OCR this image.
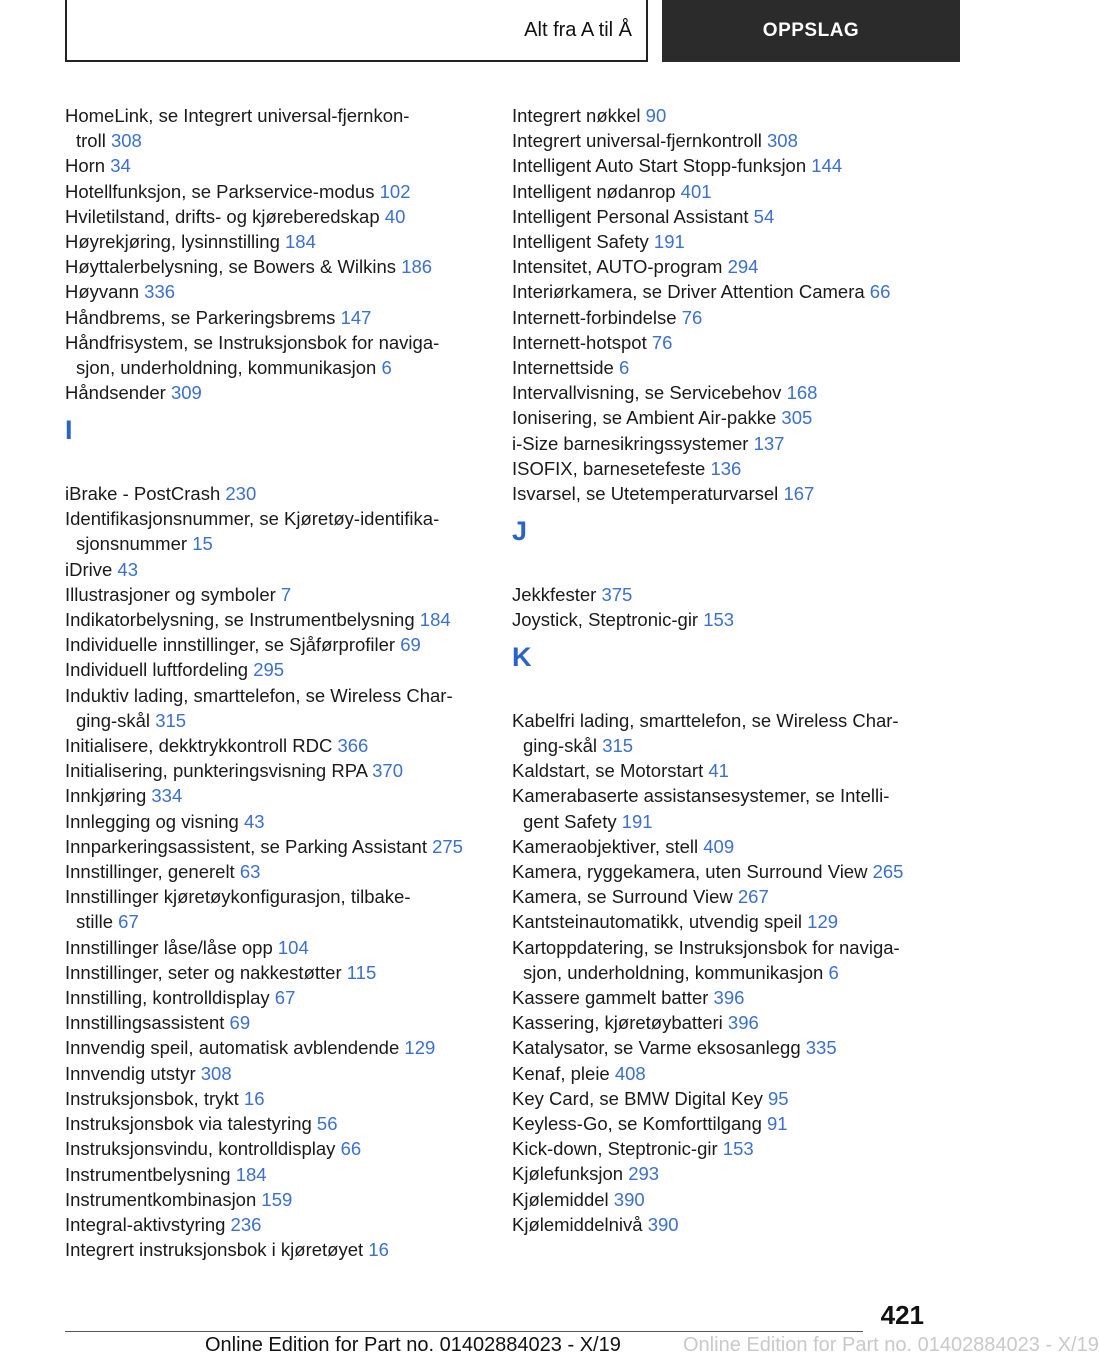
Alt fra A til Å	OPPSLAG
HomeLink, se Integrert universal-fjernkon-
troll 308
Horn 34
Hotellfunksjon, se Parkservice-modus 102
Hviletilstand, drifts- og kjøreberedskap 40
Høyrekjøring, lysinnstilling 184
Høyttalerbelysning, se Bowers & Wilkins 186
Høyvann 336
Håndbrems, se Parkeringsbrems 147
Håndfrisystem, se Instruksjonsbok for naviga-
sjon, underholdning, kommunikasjon 6
Håndsender 309
I
iBrake - PostCrash 230
Identifikasjonsnummer, se Kjøretøy-identifika-
sjonsnummer 15
iDrive 43
Illustrasjoner og symboler 7
Indikatorbelysning, se Instrumentbelysning 184
Individuelle innstillinger, se Sjåførprofiler 69
Individuell luftfordeling 295
Induktiv lading, smarttelefon, se Wireless Char-
ging-skål 315
Initialisere, dekktrykkontroll RDC 366
Initialisering, punkteringsvisning RPA 370
Innkjøring 334
Innlegging og visning 43
Innparkeringsassistent, se Parking Assistant 275
Innstillinger, generelt 63
Innstillinger kjøretøykonfigurasjon, tilbake-
stille 67
Innstillinger låse/låse opp 104
Innstillinger, seter og nakkestøtter 115
Innstilling, kontrolldisplay 67
Innstillingsassistent 69
Innvendig speil, automatisk avblendende 129
Innvendig utstyr 308
Instruksjonsbok, trykt 16
Instruksjonsbok via talestyring 56
Instruksjonsvindu, kontrolldisplay 66
Instrumentbelysning 184
Instrumentkombinasjon 159
Integral-aktivstyring 236
Integrert instruksjonsbok i kjøretøyet 16
Integrert nøkkel 90
Integrert universal-fjernkontroll 308
Intelligent Auto Start Stopp-funksjon 144
Intelligent nødanrop 401
Intelligent Personal Assistant 54
Intelligent Safety 191
Intensitet, AUTO-program 294
Interiørkamera, se Driver Attention Camera 66
Internett-forbindelse 76
Internett-hotspot 76
Internettside 6
Intervallvisning, se Servicebehov 168
Ionisering, se Ambient Air-pakke 305
i-Size barnesikringssystemer 137
ISOFIX, barnesetefeste 136
Isvarsel, se Utetemperaturvarsel 167
J
Jekkfester 375
Joystick, Steptronic-gir 153
K
Kabelfri lading, smarttelefon, se Wireless Char-
ging-skål 315
Kaldstart, se Motorstart 41
Kamerabaserte assistansesystemer, se Intelli-
gent Safety 191
Kameraobjektiver, stell 409
Kamera, ryggekamera, uten Surround View 265
Kamera, se Surround View 267
Kantsteinautomatikk, utvendig speil 129
Kartoppdatering, se Instruksjonsbok for naviga-
sjon, underholdning, kommunikasjon 6
Kassere gammelt batter 396
Kassering, kjøretøybatteri 396
Katalysator, se Varme eksosanlegg 335
Kenaf, pleie 408
Key Card, se BMW Digital Key 95
Keyless-Go, se Komforttilgang 91
Kick-down, Steptronic-gir 153
Kjølefunksjon 293
Kjølemiddel 390
Kjølemiddelnivå 390
421
Online Edition for Part no. 01402884023 - X/19
Online Edition for Part no. 01402884023 - X/19
